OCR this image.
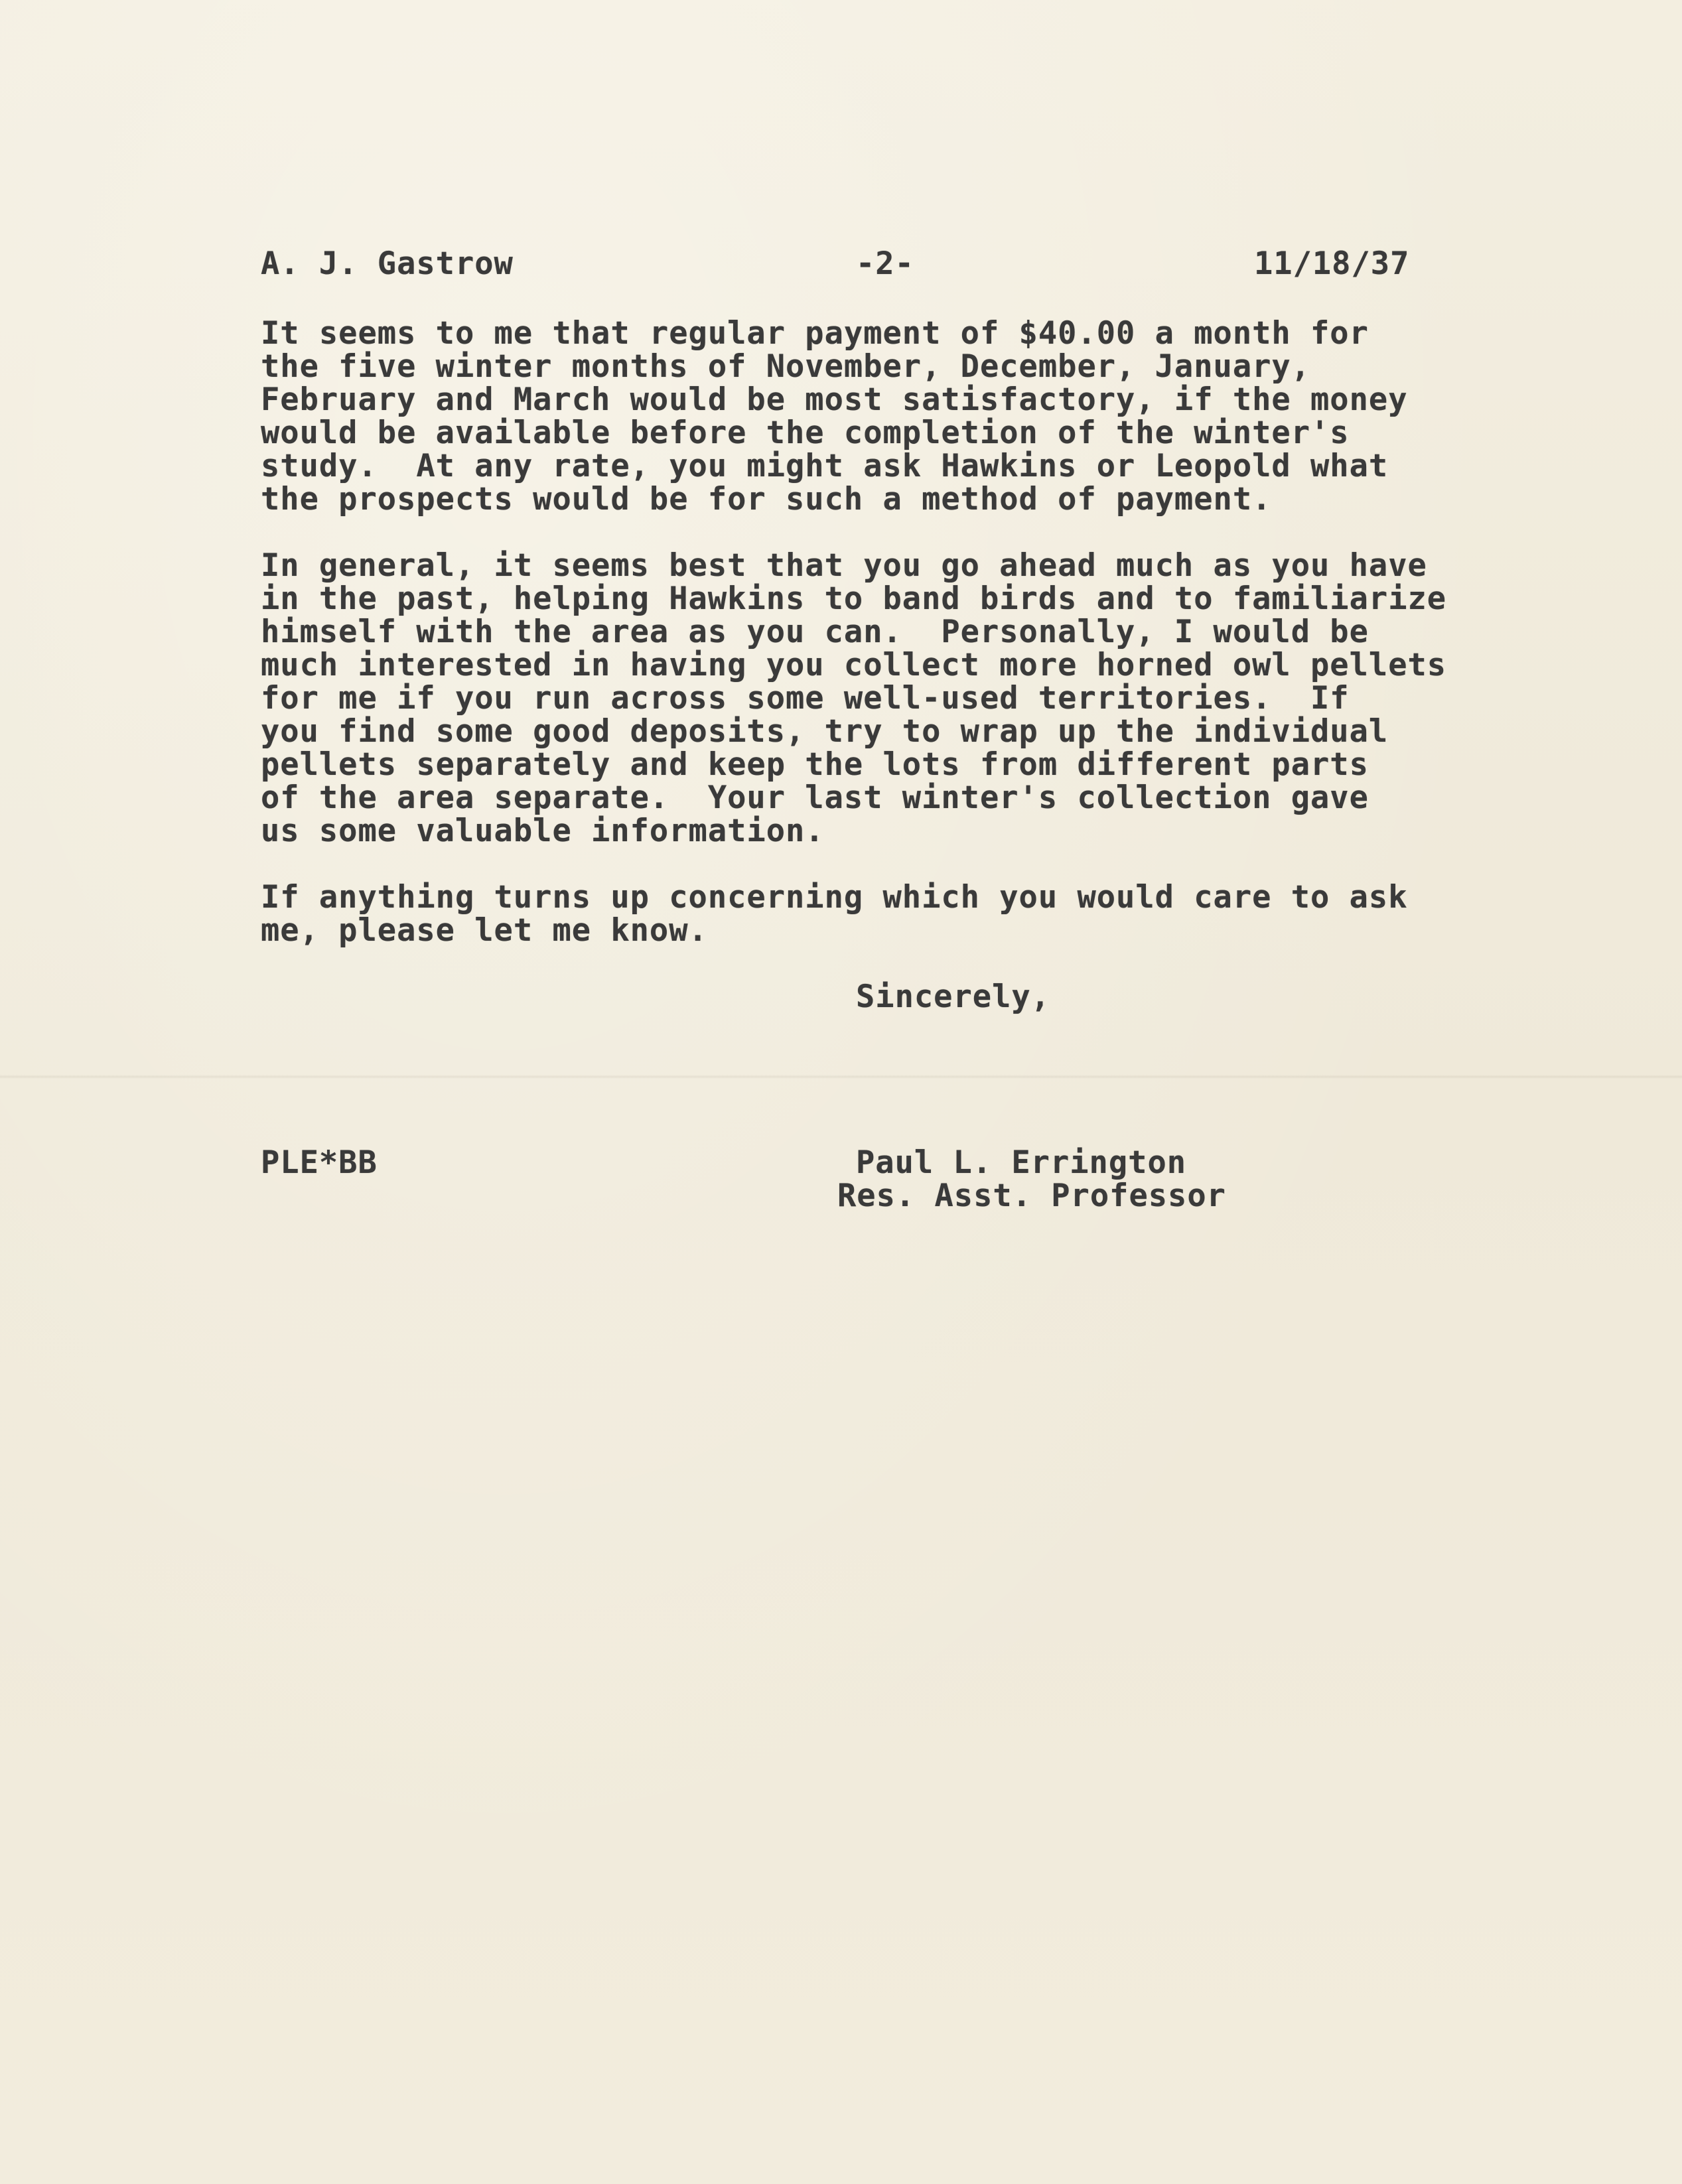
A. J. Gastrow	-2-	11/18/37
It seems to me that regular payment of $40.00 a month for
the five winter months of November, December, January,
February and March would be most satisfactory, if the money
would be available before the completion of the winter's
study.  At any rate, you might ask Hawkins or Leopold what
the prospects would be for such a method of payment.
In general, it seems best that you go ahead much as you have
in the past, helping Hawkins to band birds and to familiarize
himself with the area as you can.  Personally, I would be
much interested in having you collect more horned owl pellets
for me if you run across some well-used territories.  If
you find some good deposits, try to wrap up the individual
pellets separately and keep the lots from different parts
of the area separate.  Your last winter's collection gave
us some valuable information.
If anything turns up concerning which you would care to ask
me, please let me know.
Sincerely,
PLE*BB	Paul L. Errington
Res. Asst. Professor
